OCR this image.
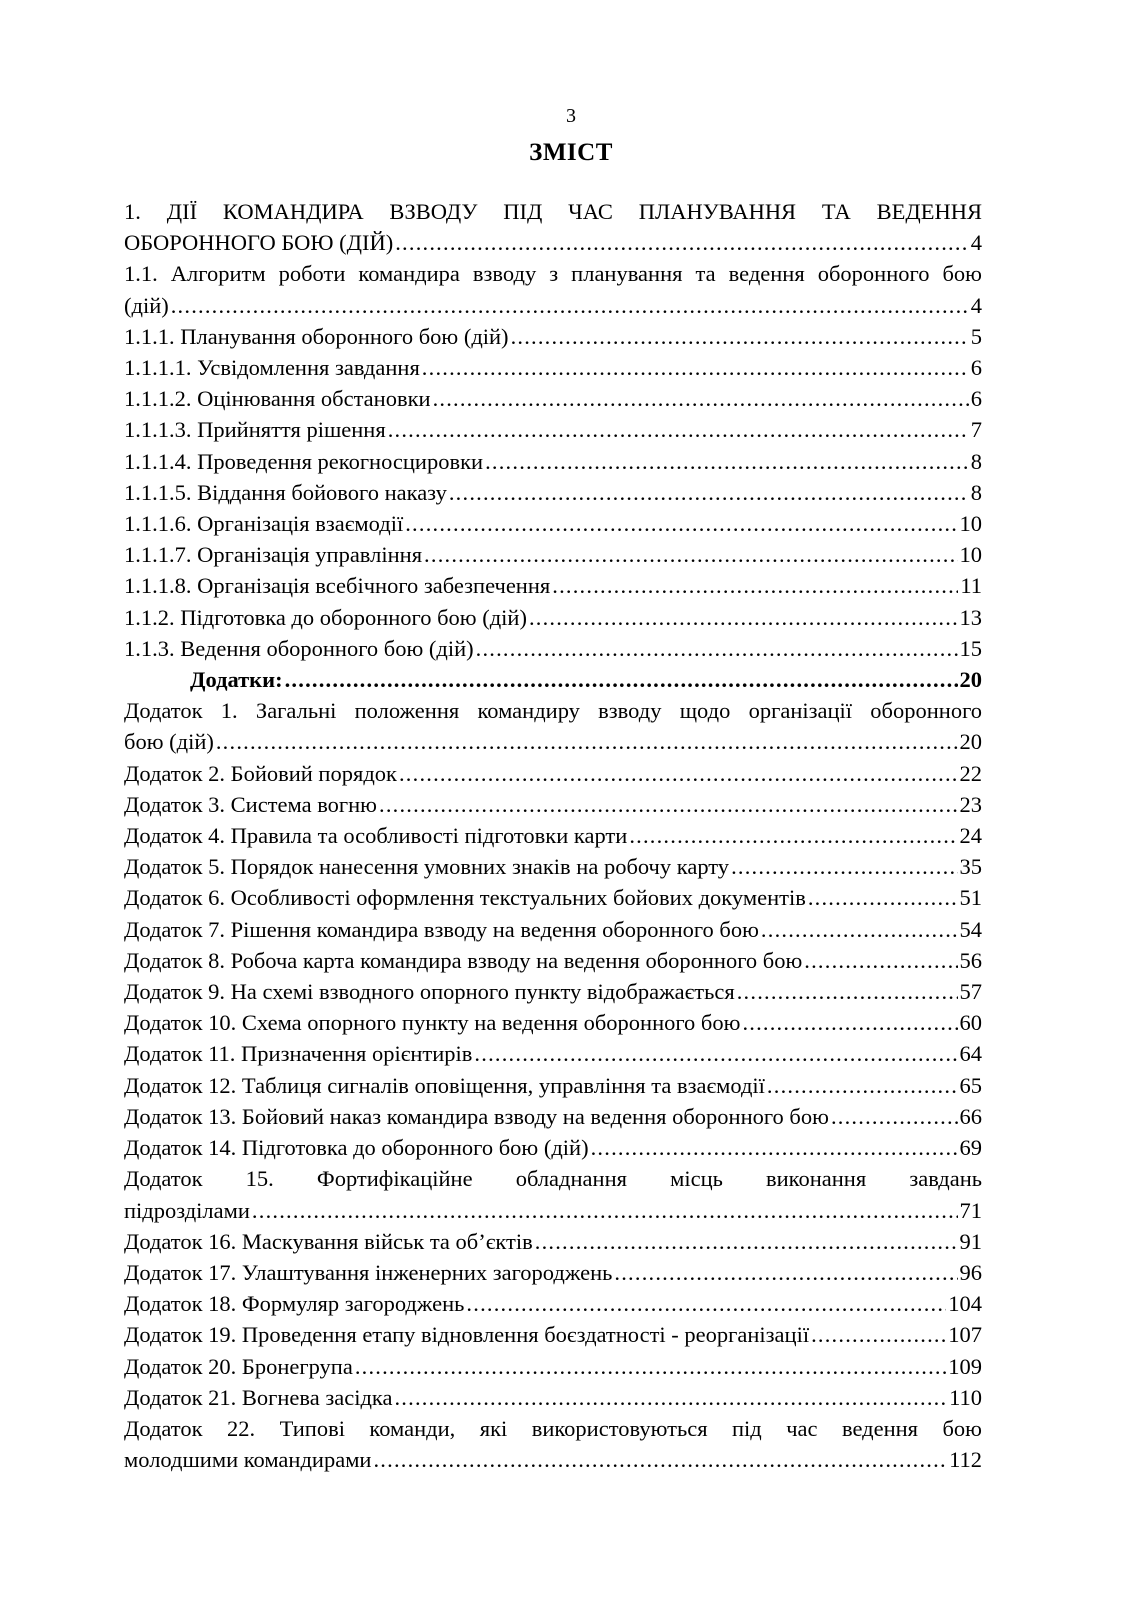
3
ЗМІСТ
1. ДІЇ КОМАНДИРА ВЗВОДУ ПІД ЧАС ПЛАНУВАННЯ ТА ВЕДЕННЯ
ОБОРОННОГО БОЮ (ДІЙ) .....	4
1.1. Алгоритм роботи командира взводу з планування та ведення оборонного бою
(дій) .....	4
1.1.1. Планування оборонного бою (дій) .....	5
1.1.1.1. Усвідомлення завдання .....	6
1.1.1.2. Оцінювання обстановки .....	6
1.1.1.3. Прийняття рішення .....	7
1.1.1.4. Проведення рекогносцировки .....	8
1.1.1.5. Віддання бойового наказу .....	8
1.1.1.6. Організація взаємодії .....	10
1.1.1.7. Організація управління .....	10
1.1.1.8. Організація всебічного забезпечення .....	11
1.1.2. Підготовка до оборонного бою (дій) .....	13
1.1.3. Ведення оборонного бою (дій) .....	15
Додатки: .....	20
Додаток 1. Загальні положення командиру взводу щодо організації оборонного
бою (дій) .....	20
Додаток 2. Бойовий порядок .....	22
Додаток 3. Система вогню .....	23
Додаток 4. Правила та особливості підготовки карти .....	24
Додаток 5. Порядок нанесення умовних знаків на робочу карту .....	35
Додаток 6. Особливості оформлення текстуальних бойових документів .....	51
Додаток 7. Рішення командира взводу на ведення оборонного бою .....	54
Додаток 8. Робоча карта командира взводу на ведення оборонного бою .....	56
Додаток 9. На схемі взводного опорного пункту відображається .....	57
Додаток 10. Схема опорного пункту на ведення оборонного бою .....	60
Додаток 11. Призначення орієнтирів .....	64
Додаток 12. Таблиця сигналів оповіщення, управління та взаємодії .....	65
Додаток 13. Бойовий наказ командира взводу на ведення оборонного бою .....	66
Додаток 14. Підготовка до оборонного бою (дій) .....	69
Додаток 15. Фортифікаційне обладнання місць виконання завдань
підрозділами .....	71
Додаток 16. Маскування військ та об’єктів .....	91
Додаток 17. Улаштування інженерних загороджень .....	96
Додаток 18. Формуляр загороджень .....	104
Додаток 19. Проведення етапу відновлення боєздатності - реорганізації .....	107
Додаток 20. Бронегрупа .....	109
Додаток 21. Вогнева засідка .....	110
Додаток 22. Типові команди, які використовуються під час ведення бою
молодшими командирами .....	112
